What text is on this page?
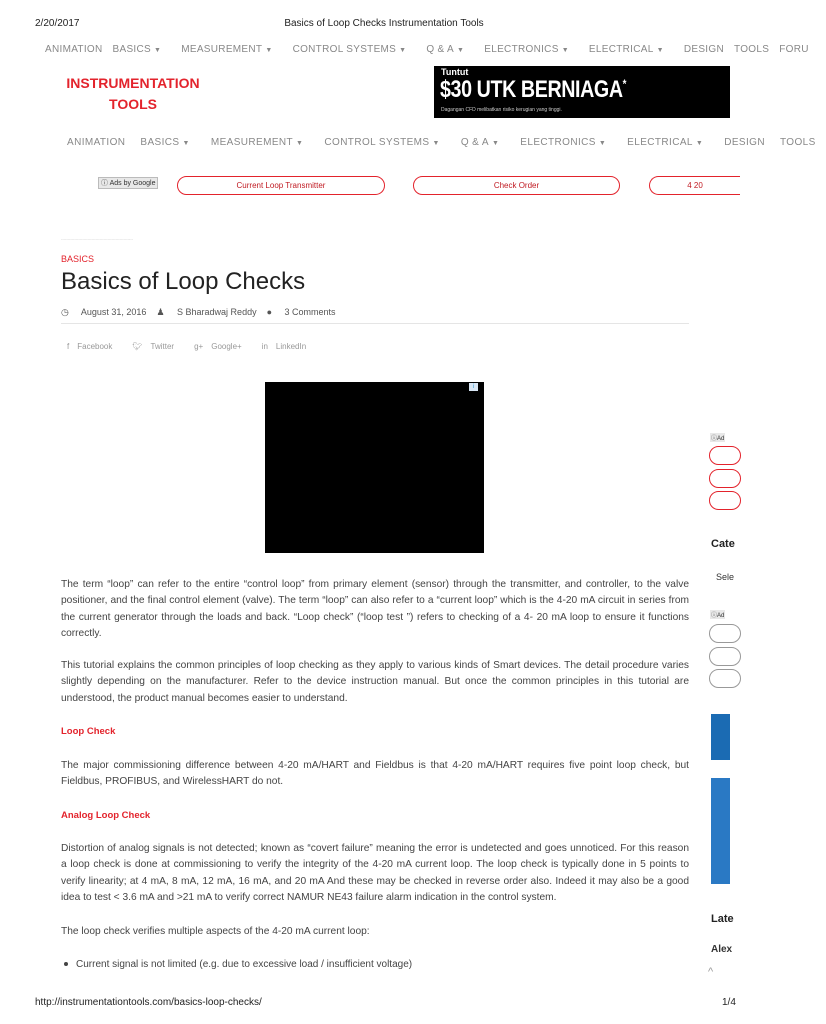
2/20/2017	Basics of Loop Checks Instrumentation Tools
ANIMATION BASICS ▼	MEASUREMENT ▼	CONTROL SYSTEMS ▼	Q & A ▼	ELECTRONICS ▼	ELECTRICAL ▼	DESIGN TOOLS FORU
INSTRUMENTATION
TOOLS
Tuntut
$30 UTK BERNIAGA*
Dagangan CFD melibatkan risiko kerugian yang tinggi.
ANIMATION BASICS ▼	MEASUREMENT ▼	CONTROL SYSTEMS ▼	Q & A ▼	ELECTRONICS ▼	ELECTRICAL ▼	DESIGN TOOLS
ⓘ Ads by Google	Current Loop Transmitter	Check Order	4 20
------------------------------------------------------
BASICS
Basics of Loop Checks
◷ August 31, 2016 ♟ S Bharadwaj Reddy ● 3 Comments
f Facebook	🐦︎ Twitter	g+ Google+	in LinkedIn
i
The term “loop” can refer to the entire “control loop” from primary element (sensor) through the transmitter, and controller, to the valve positioner, and the final control element (valve). The term “loop” can also refer to a “current loop” which is the 4-20 mA circuit in series from the current generator through the loads and back. “Loop check” (“loop test ”) refers to checking of a 4- 20 mA loop to ensure it functions correctly.
This tutorial explains the common principles of loop checking as they apply to various kinds of Smart devices. The detail procedure varies slightly depending on the manufacturer. Refer to the device instruction manual. But once the common principles in this tutorial are understood, the product manual becomes easier to understand.
Loop Check
The major commissioning difference between 4-20 mA/HART and Fieldbus is that 4-20 mA/HART requires five point loop check, but Fieldbus, PROFIBUS, and WirelessHART do not.
Analog Loop Check
Distortion of analog signals is not detected; known as “covert failure” meaning the error is undetected and goes unnoticed. For this reason a loop check is done at commissioning to verify the integrity of the 4-20 mA current loop. The loop check is typically done in 5 points to verify linearity; at 4 mA, 8 mA, 12 mA, 16 mA, and 20 mA And these may be checked in reverse order also. Indeed it may also be a good idea to test < 3.6 mA and >21 mA to verify correct NAMUR NE43 failure alarm indication in the control system.
The loop check verifies multiple aspects of the 4-20 mA current loop:
Current signal is not limited (e.g. due to excessive load / insufficient voltage)
ⓘAd
Cate
Sele
ⓘAd
Late
Alex
^
http://instrumentationtools.com/basics-loop-checks/	1/4
